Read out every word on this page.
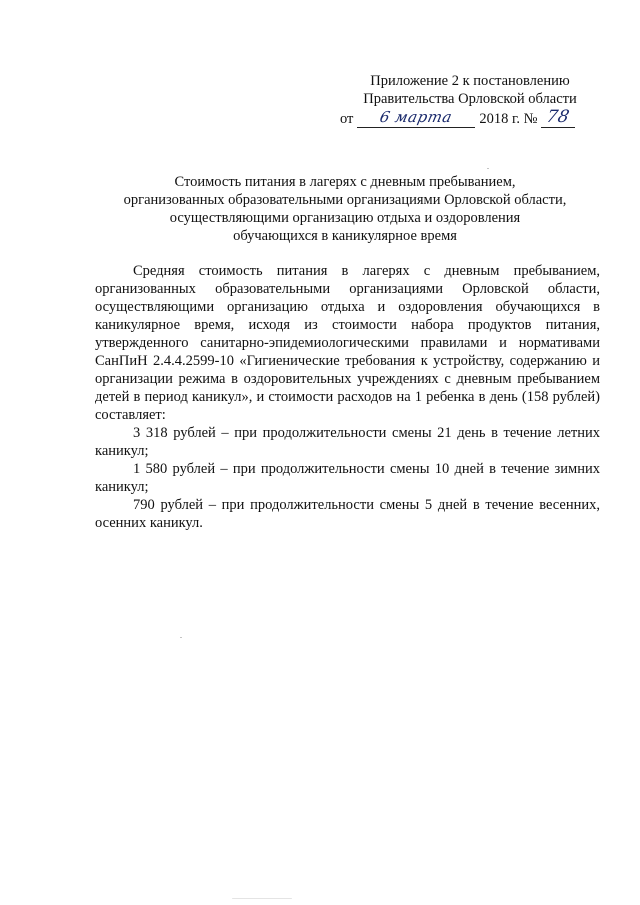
Приложение 2 к постановлению
Правительства Орловской области
от	6 марта	2018 г. № 78
Стоимость питания в лагерях с дневным пребыванием,
организованных образовательными организациями Орловской области,
осуществляющими организацию отдыха и оздоровления
обучающихся в каникулярное время

Средняя стоимость питания в лагерях с дневным пребыванием, организованных образовательными организациями Орловской области, осуществляющими организацию отдыха и оздоровления обучающихся в каникулярное время, исходя из стоимости набора продуктов питания, утвержденного санитарно-эпидемиологическими правилами и нормативами СанПиН 2.4.4.2599-10 «Гигиенические требования к устройству, содержанию и организации режима в оздоровительных учреждениях с дневным пребыванием детей в период каникул», и стоимости расходов на 1 ребенка в день (158 рублей) составляет:

3 318 рублей – при продолжительности смены 21 день в течение летних каникул;

1 580 рублей – при продолжительности смены 10 дней в течение зимних каникул;

790 рублей – при продолжительности смены 5 дней в течение весенних, осенних каникул.
